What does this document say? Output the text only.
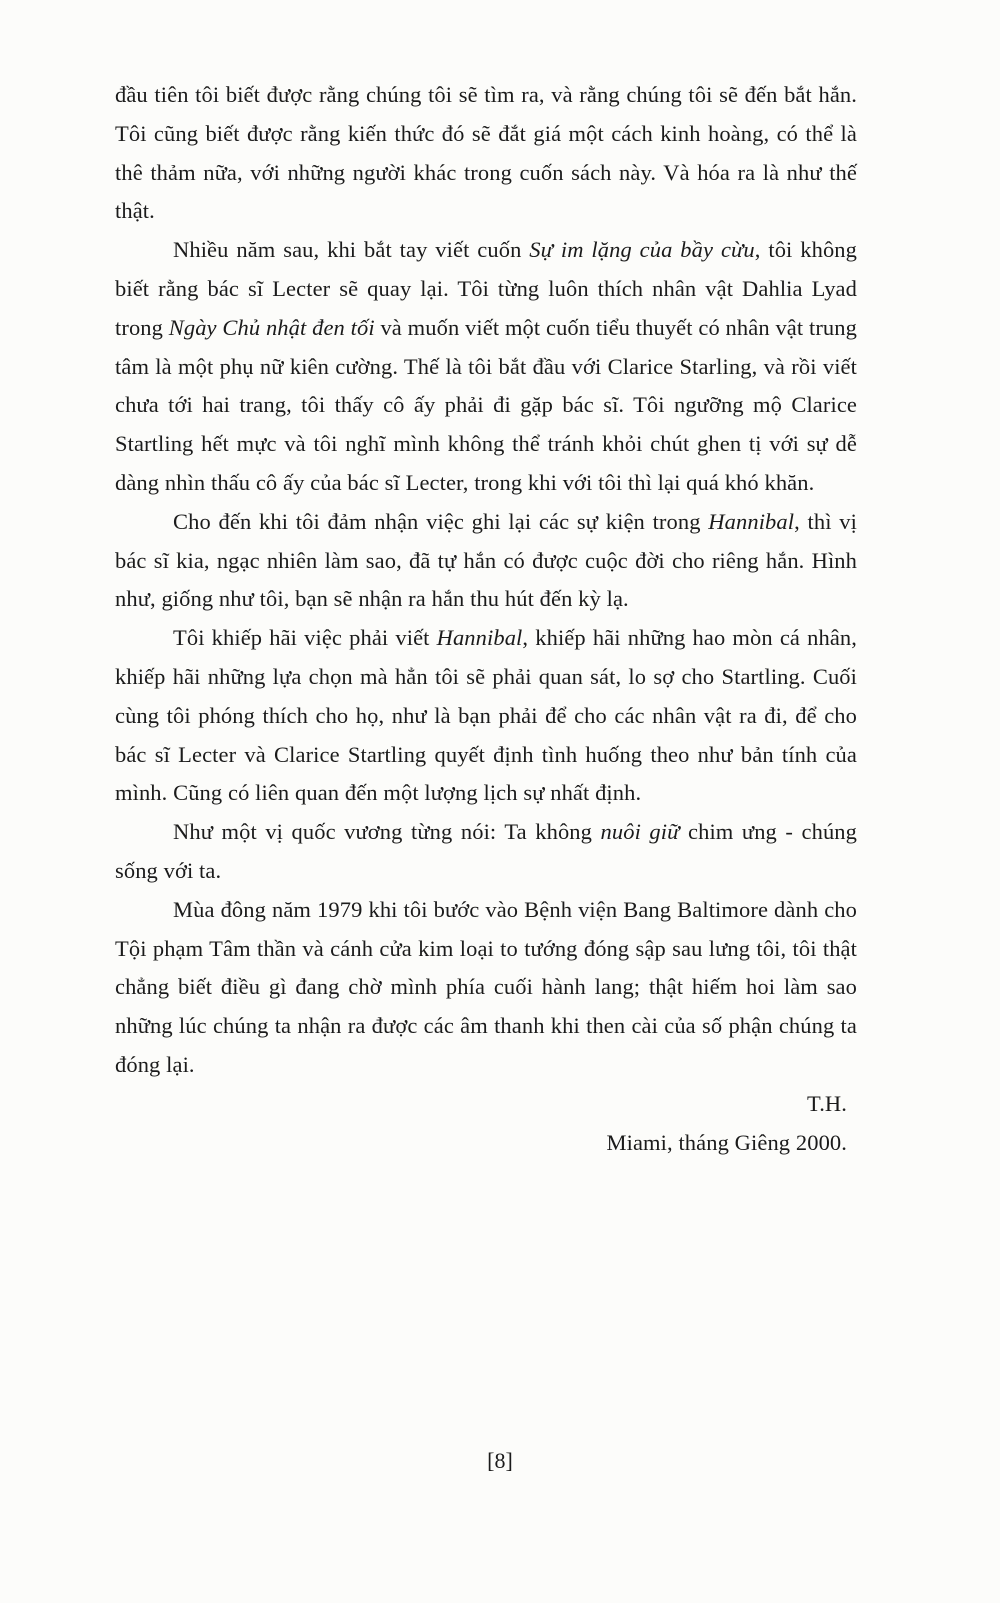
đầu tiên tôi biết được rằng chúng tôi sẽ tìm ra, và rằng chúng tôi sẽ đến bắt hắn. Tôi cũng biết được rằng kiến thức đó sẽ đắt giá một cách kinh hoàng, có thể là thê thảm nữa, với những người khác trong cuốn sách này. Và hóa ra là như thế thật.

Nhiều năm sau, khi bắt tay viết cuốn Sự im lặng của bầy cừu, tôi không biết rằng bác sĩ Lecter sẽ quay lại. Tôi từng luôn thích nhân vật Dahlia Lyad trong Ngày Chủ nhật đen tối và muốn viết một cuốn tiểu thuyết có nhân vật trung tâm là một phụ nữ kiên cường. Thế là tôi bắt đầu với Clarice Starling, và rồi viết chưa tới hai trang, tôi thấy cô ấy phải đi gặp bác sĩ. Tôi ngưỡng mộ Clarice Startling hết mực và tôi nghĩ mình không thể tránh khỏi chút ghen tị với sự dễ dàng nhìn thấu cô ấy của bác sĩ Lecter, trong khi với tôi thì lại quá khó khăn.

Cho đến khi tôi đảm nhận việc ghi lại các sự kiện trong Hannibal, thì vị bác sĩ kia, ngạc nhiên làm sao, đã tự hắn có được cuộc đời cho riêng hắn. Hình như, giống như tôi, bạn sẽ nhận ra hắn thu hút đến kỳ lạ.

Tôi khiếp hãi việc phải viết Hannibal, khiếp hãi những hao mòn cá nhân, khiếp hãi những lựa chọn mà hẳn tôi sẽ phải quan sát, lo sợ cho Startling. Cuối cùng tôi phóng thích cho họ, như là bạn phải để cho các nhân vật ra đi, để cho bác sĩ Lecter và Clarice Startling quyết định tình huống theo như bản tính của mình. Cũng có liên quan đến một lượng lịch sự nhất định.

Như một vị quốc vương từng nói: Ta không nuôi giữ chim ưng - chúng sống với ta.

Mùa đông năm 1979 khi tôi bước vào Bệnh viện Bang Baltimore dành cho Tội phạm Tâm thần và cánh cửa kim loại to tướng đóng sập sau lưng tôi, tôi thật chẳng biết điều gì đang chờ mình phía cuối hành lang; thật hiếm hoi làm sao những lúc chúng ta nhận ra được các âm thanh khi then cài của số phận chúng ta đóng lại.

T.H.

Miami, tháng Giêng 2000.

[8]
